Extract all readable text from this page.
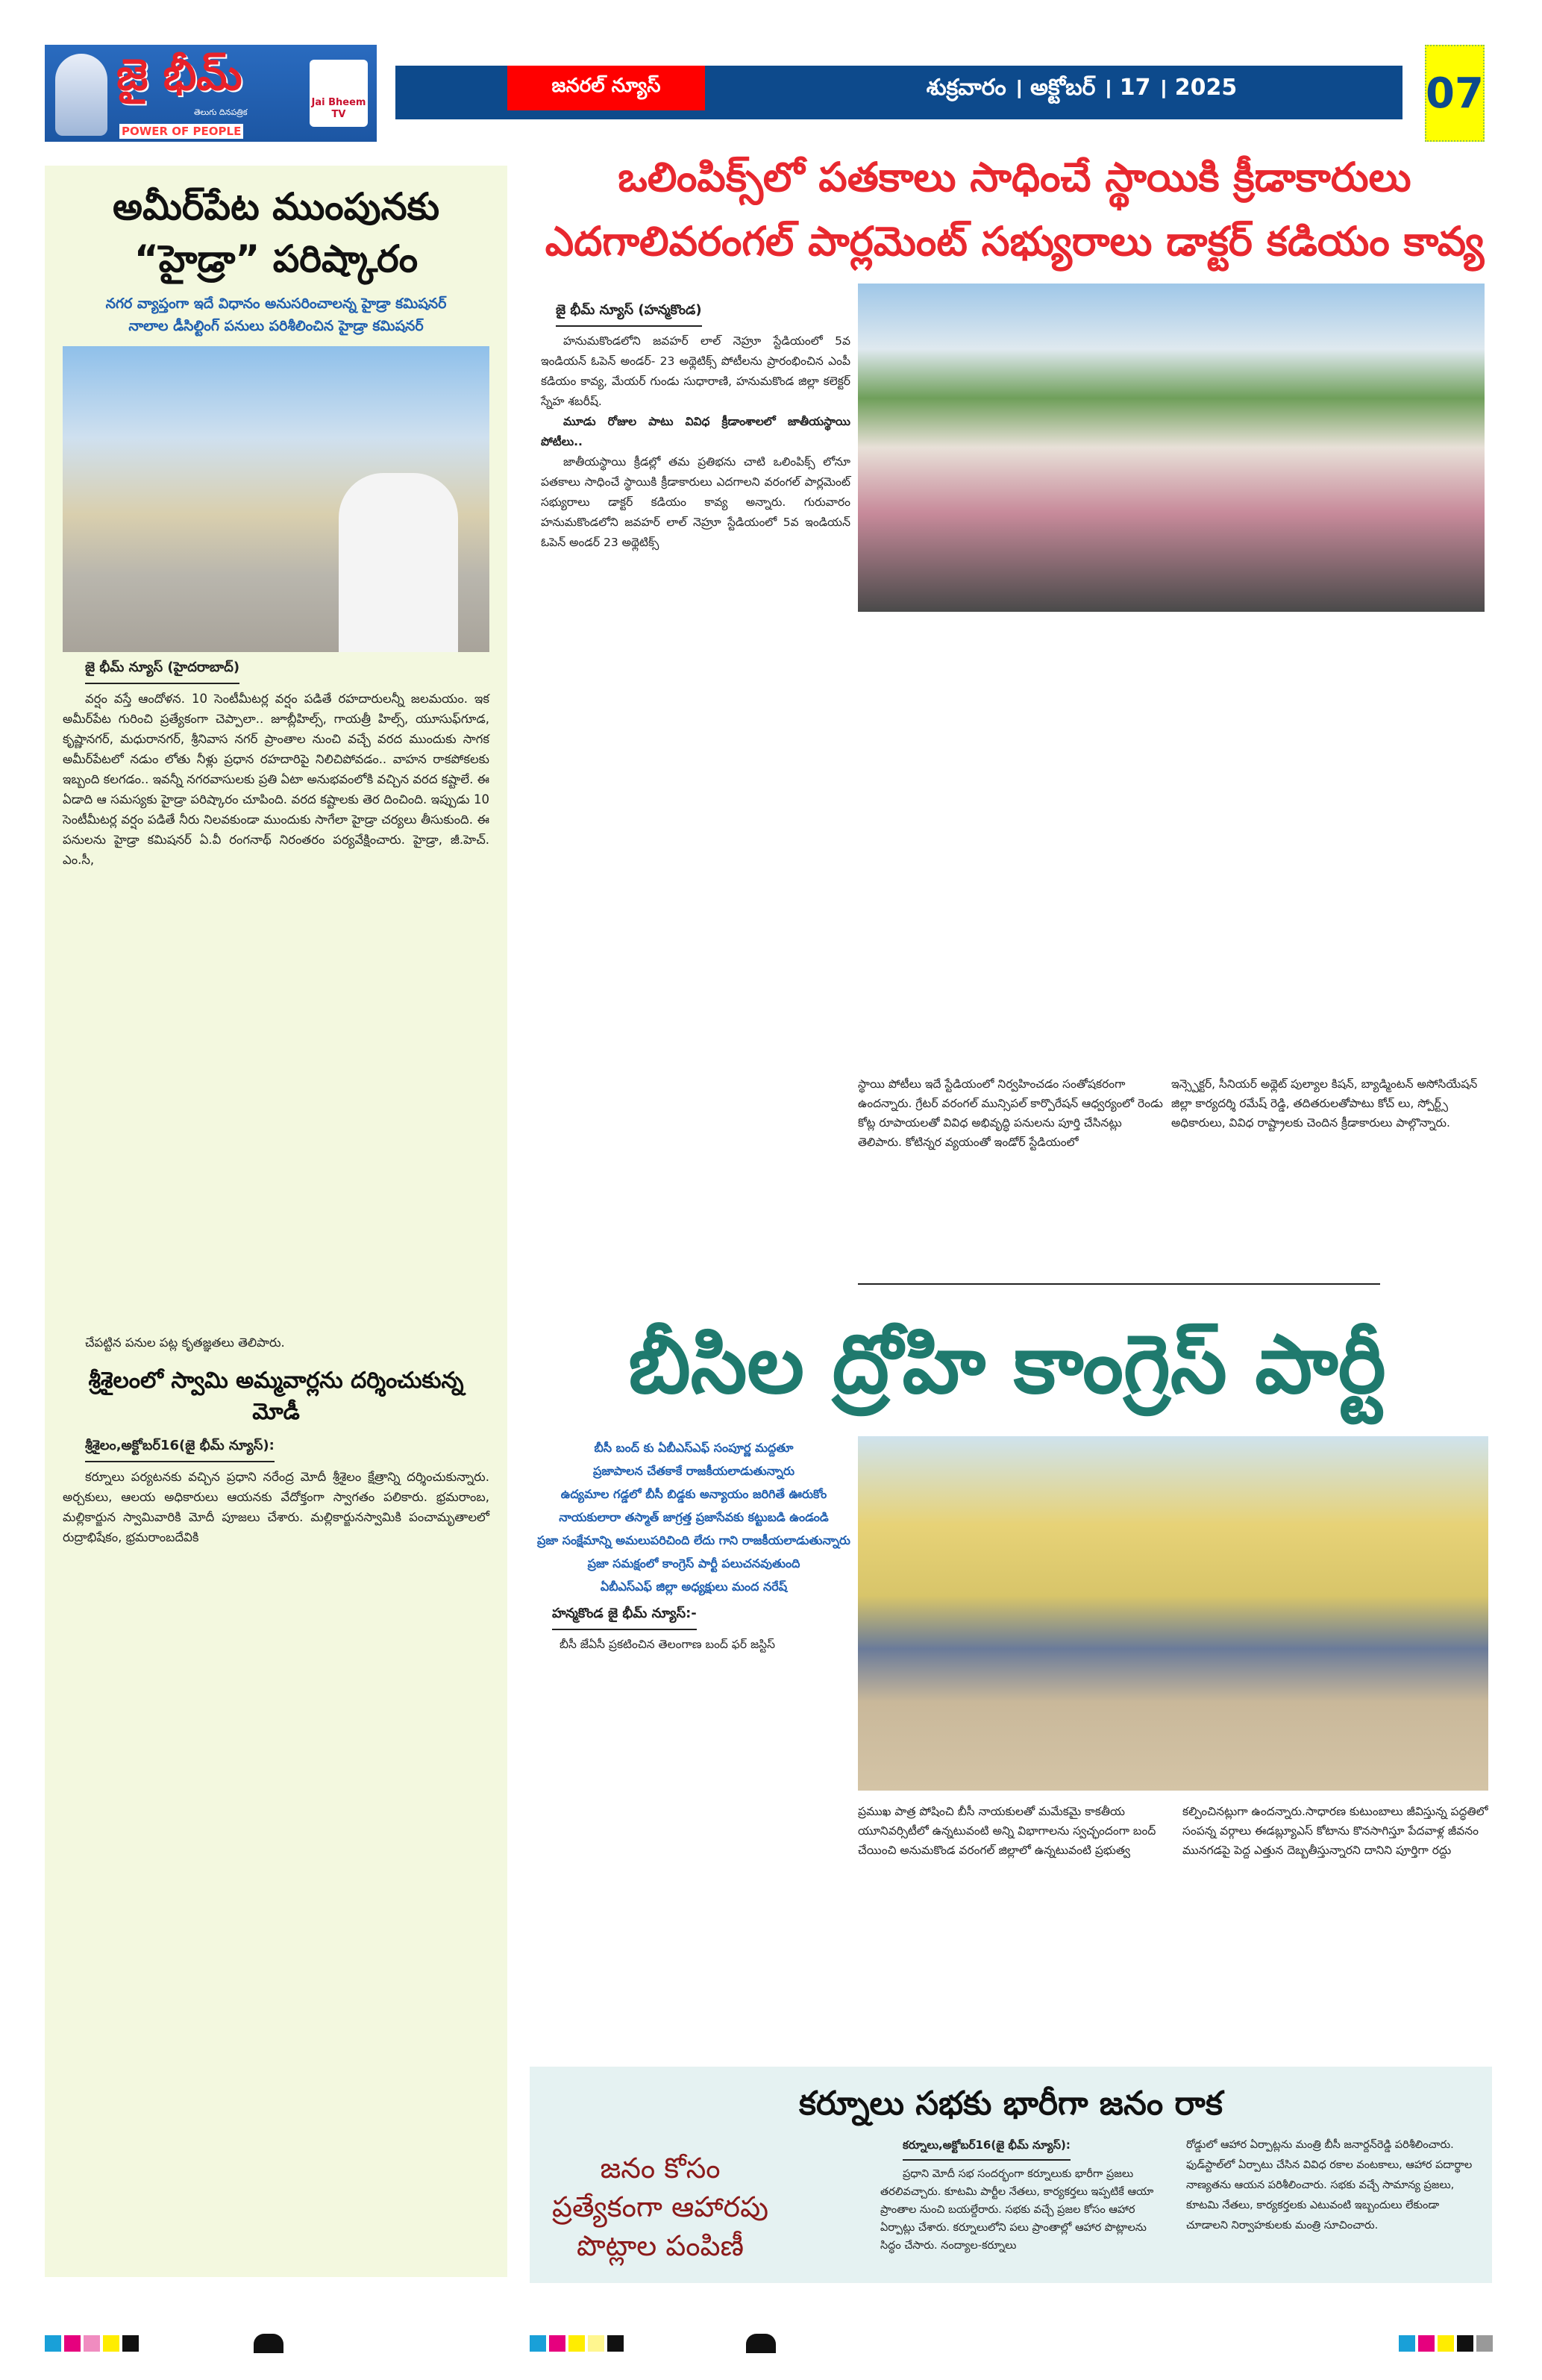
జై భీమ్
తెలుగు దినపత్రిక
POWER OF PEOPLE
Jai Bheem TV
జనరల్ న్యూస్	శుక్రవారం । అక్టోబర్ । 17 । 2025	07
అమీర్‌పేట ముంపునకు
“హైడ్రా” పరిష్కారం
నగర వ్యాప్తంగా ఇదే విధానం అనుసరించాలన్న హైడ్రా కమిషనర్
నాలాల డీసిల్టింగ్ పనులు పరిశీలించిన హైడ్రా కమిషనర్
జై భీమ్ న్యూస్ (హైదరాబాద్)

వర్షం వస్తే ఆందోళన. 10 సెంటీమీటర్ల వర్షం పడితే రహదారులన్నీ జలమయం. ఇక అమీర్‌పేట గురించి ప్రత్యేకంగా చెప్పాలా.. జూబ్లీహిల్స్, గాయత్రీ హిల్స్, యూసుఫ్‌గూడ, కృష్ణానగర్, మధురానగర్, శ్రీనివాస నగర్ ప్రాంతాల నుంచి వచ్చే వరద ముందుకు సాగక అమీర్‌పేటలో నడుం లోతు నీళ్లు ప్రధాన రహదారిపై నిలిచిపోవడం.. వాహన రాకపోకలకు ఇబ్బంది కలగడం.. ఇవన్నీ నగరవాసులకు ప్రతి ఏటా అనుభవంలోకి వచ్చిన వరద కష్టాలే. ఈ ఏడాది ఆ సమస్యకు హైడ్రా పరిష్కారం చూపింది. వరద కష్టాలకు తెర దించింది. ఇప్పుడు 10 సెంటీమీటర్ల వర్షం పడితే నీరు నిలవకుండా ముందుకు సాగేలా హైడ్రా చర్యలు తీసుకుంది. ఈ పనులను హైడ్రా కమిషనర్ ఏ.వీ రంగనాథ్ నిరంతరం పర్యవేక్షించారు. హైడ్రా, జీ.హెచ్. ఎం.సీ,

చేపట్టిన పనుల పట్ల కృతజ్ఞతలు తెలిపారు.

శ్రీశైలంలో స్వామి అమ్మవార్లను దర్శించుకున్న మోడీ
శ్రీశైలం,అక్టోబర్16(జై భీమ్ న్యూస్):

కర్నూలు పర్యటనకు వచ్చిన ప్రధాని నరేంద్ర మోదీ శ్రీశైలం క్షేత్రాన్ని దర్శించుకున్నారు. అర్చకులు, ఆలయ అధికారులు ఆయనకు వేదోక్తంగా స్వాగతం పలికారు. భ్రమరాంబ, మల్లికార్జున స్వామివారికి మోదీ పూజలు చేశారు. మల్లికార్జునస్వామికి పంచామృతాలలో రుద్రాభిషేకం, భ్రమరాంబదేవికి

ఒలింపిక్స్‌లో పతకాలు సాధించే స్థాయికి క్రీడాకారులు
ఎదగాలివరంగల్ పార్లమెంట్ సభ్యురాలు డాక్టర్ కడియం కావ్య
జై భీమ్ న్యూస్ (హన్మకొండ)

హనుమకొండలోని జవహర్ లాల్ నెహ్రూ స్టేడియంలో 5వ ఇండియన్ ఓపెన్ అండర్- 23 అథ్లెటిక్స్ పోటీలను ప్రారంభించిన ఎంపీ కడియం కావ్య, మేయర్ గుండు సుధారాణి, హనుమకొండ జిల్లా కలెక్టర్ స్నేహ శబరీష్.

మూడు రోజుల పాటు వివిధ క్రీడాంశాలలో జాతీయస్థాయి పోటీలు..

జాతీయస్థాయి క్రీడల్లో తమ ప్రతిభను చాటి ఒలింపిక్స్ లోనూ పతకాలు సాధించే స్థాయికి క్రీడాకారులు ఎదగాలని వరంగల్ పార్లమెంట్ సభ్యురాలు డాక్టర్ కడియం కావ్య అన్నారు. గురువారం హనుమకొండలోని జవహర్ లాల్ నెహ్రూ స్టేడియంలో 5వ ఇండియన్ ఓపెన్ అండర్ 23 అథ్లెటిక్స్

స్థాయి పోటీలు ఇదే స్టేడియంలో నిర్వహించడం సంతోషకరంగా ఉందన్నారు. గ్రేటర్ వరంగల్ మున్సిపల్ కార్పొరేషన్ ఆధ్వర్యంలో రెండు కోట్ల రూపాయలతో వివిధ అభివృద్ధి పనులను పూర్తి చేసినట్లు తెలిపారు. కోటిన్నర వ్యయంతో ఇండోర్ స్టేడియంలో
ఇన్స్పెక్టర్, సీనియర్ అథ్లెట్ పుల్యాల కిషన్, బ్యాడ్మింటన్ అసోసియేషన్ జిల్లా కార్యదర్శి రమేష్ రెడ్డి, తదితరులతోపాటు కోచ్ లు, స్పోర్ట్స్ అధికారులు, వివిధ రాష్ట్రాలకు చెందిన క్రీడాకారులు పాల్గొన్నారు.
బీసిల ద్రోహి కాంగ్రెస్ పార్టీ
బీసీ బంద్ కు ఏబీఎస్ఎఫ్ సంపూర్ణ మద్దతూ
ప్రజాపాలన చేతకాకే రాజకీయలాడుతున్నారు
ఉద్యమాల గడ్డలో బీసీ బిడ్డకు అన్యాయం జరిగితే ఊరుకోం
నాయకులారా తస్మాత్ జాగ్రత్త ప్రజాసేవకు కట్టుబడి ఉండండి
ప్రజా సంక్షేమాన్ని అమలుపరిచింది లేదు గాని రాజకీయలాడుతున్నారు
ప్రజా సమక్షంలో కాంగ్రెస్ పార్టీ పలుచనవుతుంది
ఏబీఎస్ఎఫ్ జిల్లా అధ్యక్షులు మంద నరేష్
హన్మకొండ జై భీమ్ న్యూస్:-

బీసీ జేఏసీ ప్రకటించిన తెలంగాణ బంద్ ఫర్ జస్టిస్

ప్రముఖ పాత్ర పోషించి బీసీ నాయకులతో మమేకమై కాకతీయ యూనివర్సిటీలో ఉన్నటువంటి అన్ని విభాగాలను స్వచ్ఛందంగా బంద్ చేయించి అనుమకొండ వరంగల్ జిల్లాలో ఉన్నటువంటి ప్రభుత్వ
కల్పించినట్లుగా ఉందన్నారు.సాధారణ కుటుంబాలు జీవిస్తున్న పద్ధతిలో సంపన్న వర్గాలు ఈడబ్ల్యూఎస్ కోటాను కొనసాగిస్తూ పేదవాళ్ల జీవనం మునగడపై పెద్ద ఎత్తున దెబ్బతీస్తున్నారని దానిని పూర్తిగా రద్దు
కర్నూలు సభకు భారీగా జనం రాక
జనం కోసం ప్రత్యేకంగా ఆహారపు పొట్లాల పంపిణీ
కర్నూలు,అక్టోబర్16(జై భీమ్ న్యూస్):

ప్రధాని మోదీ సభ సందర్భంగా కర్నూలుకు భారీగా ప్రజలు తరలివచ్చారు. కూటమి పార్టీల నేతలు, కార్యకర్తలు ఇప్పటికే ఆయా ప్రాంతాల నుంచి బయల్దేరారు. సభకు వచ్చే ప్రజల కోసం ఆహార ఏర్పాట్లు చేశారు. కర్నూలులోని పలు ప్రాంతాల్లో ఆహార పొట్లాలను సిద్ధం చేసారు. నంద్యాల-కర్నూలు

రోడ్డులో ఆహార ఏర్పాట్లను మంత్రి బీసీ జనార్దన్‌రెడ్డి పరిశీలించారు. ఫుడ్‌స్టాల్‌లో ఏర్పాటు చేసిన వివిధ రకాల వంటకాలు, ఆహార పదార్థాల నాణ్యతను ఆయన పరిశీలించారు. సభకు వచ్చే సామాన్య ప్రజలు, కూటమి నేతలు, కార్యకర్తలకు ఎటువంటి ఇబ్బందులు లేకుండా చూడాలని నిర్వాహకులకు మంత్రి సూచించారు.
